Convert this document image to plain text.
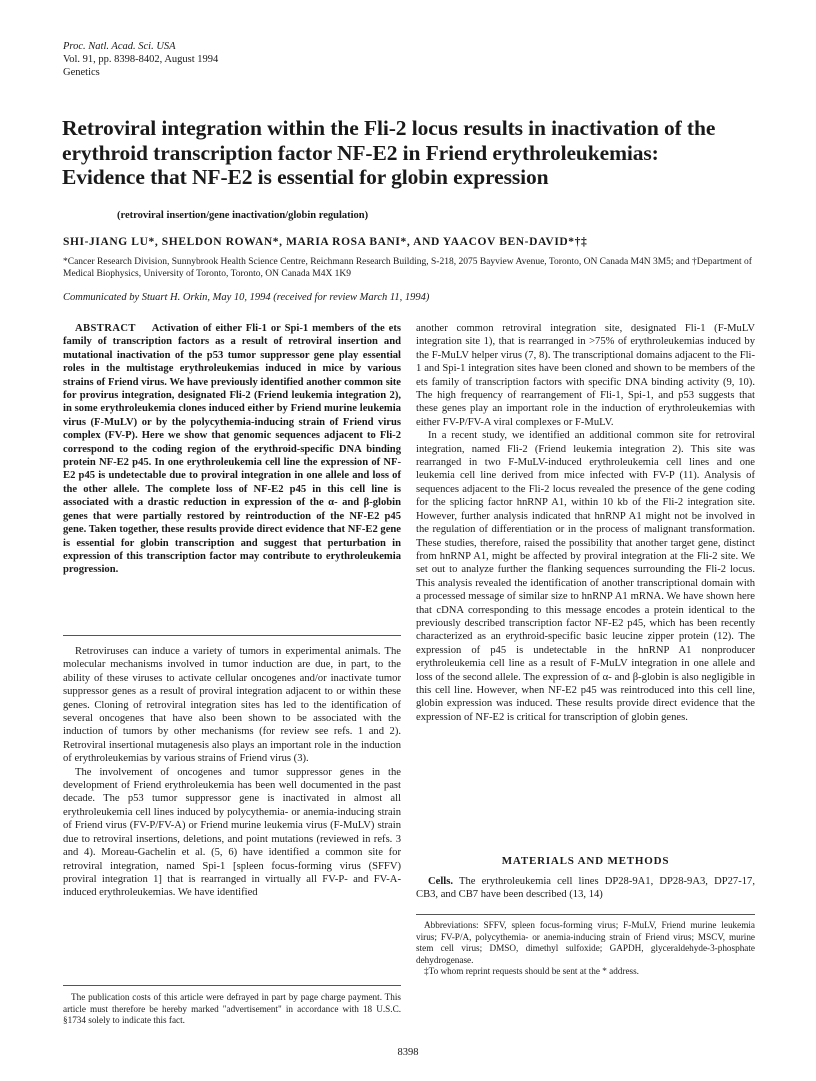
Proc. Natl. Acad. Sci. USA
Vol. 91, pp. 8398-8402, August 1994
Genetics
Retroviral integration within the Fli-2 locus results in inactivation of the erythroid transcription factor NF-E2 in Friend erythroleukemias: Evidence that NF-E2 is essential for globin expression
(retroviral insertion/gene inactivation/globin regulation)
SHI-JIANG LU*, SHELDON ROWAN*, MARIA ROSA BANI*, AND YAACOV BEN-DAVID*†‡
*Cancer Research Division, Sunnybrook Health Science Centre, Reichmann Research Building, S-218, 2075 Bayview Avenue, Toronto, ON Canada M4N 3M5; and †Department of Medical Biophysics, University of Toronto, Toronto, ON Canada M4X 1K9
Communicated by Stuart H. Orkin, May 10, 1994 (received for review March 11, 1994)

ABSTRACT Activation of either Fli-1 or Spi-1 members of the ets family of transcription factors as a result of retroviral insertion and mutational inactivation of the p53 tumor suppressor gene play essential roles in the multistage erythroleukemias induced in mice by various strains of Friend virus. We have previously identified another common site for provirus integration, designated Fli-2 (Friend leukemia integration 2), in some erythroleukemia clones induced either by Friend murine leukemia virus (F-MuLV) or by the polycythemia-inducing strain of Friend virus complex (FV-P). Here we show that genomic sequences adjacent to Fli-2 correspond to the coding region of the erythroid-specific DNA binding protein NF-E2 p45. In one erythroleukemia cell line the expression of NF-E2 p45 is undetectable due to proviral integration in one allele and loss of the other allele. The complete loss of NF-E2 p45 in this cell line is associated with a drastic reduction in expression of the α- and β-globin genes that were partially restored by reintroduction of the NF-E2 p45 gene. Taken together, these results provide direct evidence that NF-E2 gene is essential for globin transcription and suggest that perturbation in expression of this transcription factor may contribute to erythroleukemia progression.

Retroviruses can induce a variety of tumors in experimental animals. The molecular mechanisms involved in tumor induction are due, in part, to the ability of these viruses to activate cellular oncogenes and/or inactivate tumor suppressor genes as a result of proviral integration adjacent to or within these genes. Cloning of retroviral integration sites has led to the identification of several oncogenes that have also been shown to be associated with the induction of tumors by other mechanisms (for review see refs. 1 and 2). Retroviral insertional mutagenesis also plays an important role in the induction of erythroleukemias by various strains of Friend virus (3).

The involvement of oncogenes and tumor suppressor genes in the development of Friend erythroleukemia has been well documented in the past decade. The p53 tumor suppressor gene is inactivated in almost all erythroleukemia cell lines induced by polycythemia- or anemia-inducing strain of Friend virus (FV-P/FV-A) or Friend murine leukemia virus (F-MuLV) strain due to retroviral insertions, deletions, and point mutations (reviewed in refs. 3 and 4). Moreau-Gachelin et al. (5, 6) have identified a common site for retroviral integration, named Spi-1 [spleen focus-forming virus (SFFV) proviral integration 1] that is rearranged in virtually all FV-P- and FV-A-induced erythroleukemias. We have identified

another common retroviral integration site, designated Fli-1 (F-MuLV integration site 1), that is rearranged in >75% of erythroleukemias induced by the F-MuLV helper virus (7, 8). The transcriptional domains adjacent to the Fli-1 and Spi-1 integration sites have been cloned and shown to be members of the ets family of transcription factors with specific DNA binding activity (9, 10). The high frequency of rearrangement of Fli-1, Spi-1, and p53 suggests that these genes play an important role in the induction of erythroleukemias with either FV-P/FV-A viral complexes or F-MuLV.

In a recent study, we identified an additional common site for retroviral integration, named Fli-2 (Friend leukemia integration 2). This site was rearranged in two F-MuLV-induced erythroleukemia cell lines and one leukemia cell line derived from mice infected with FV-P (11). Analysis of sequences adjacent to the Fli-2 locus revealed the presence of the gene coding for the splicing factor hnRNP A1, within 10 kb of the Fli-2 integration site. However, further analysis indicated that hnRNP A1 might not be involved in the regulation of differentiation or in the process of malignant transformation. These studies, therefore, raised the possibility that another target gene, distinct from hnRNP A1, might be affected by proviral integration at the Fli-2 site. We set out to analyze further the flanking sequences surrounding the Fli-2 locus. This analysis revealed the identification of another transcriptional domain with a processed message of similar size to hnRNP A1 mRNA. We have shown here that cDNA corresponding to this message encodes a protein identical to the previously described transcription factor NF-E2 p45, which has been recently characterized as an erythroid-specific basic leucine zipper protein (12). The expression of p45 is undetectable in the hnRNP A1 nonproducer erythroleukemia cell line as a result of F-MuLV integration in one allele and loss of the second allele. The expression of α- and β-globin is also negligible in this cell line. However, when NF-E2 p45 was reintroduced into this cell line, globin expression was induced. These results provide direct evidence that the expression of NF-E2 is critical for transcription of globin genes.

MATERIALS AND METHODS
Cells. The erythroleukemia cell lines DP28-9A1, DP28-9A3, DP27-17, CB3, and CB7 have been described (13, 14)

Abbreviations: SFFV, spleen focus-forming virus; F-MuLV, Friend murine leukemia virus; FV-P/A, polycythemia- or anemia-inducing strain of Friend virus; MSCV, murine stem cell virus; DMSO, dimethyl sulfoxide; GAPDH, glyceraldehyde-3-phosphate dehydrogenase.

‡To whom reprint requests should be sent at the * address.

The publication costs of this article were defrayed in part by page charge payment. This article must therefore be hereby marked "advertisement" in accordance with 18 U.S.C. §1734 solely to indicate this fact.
8398
